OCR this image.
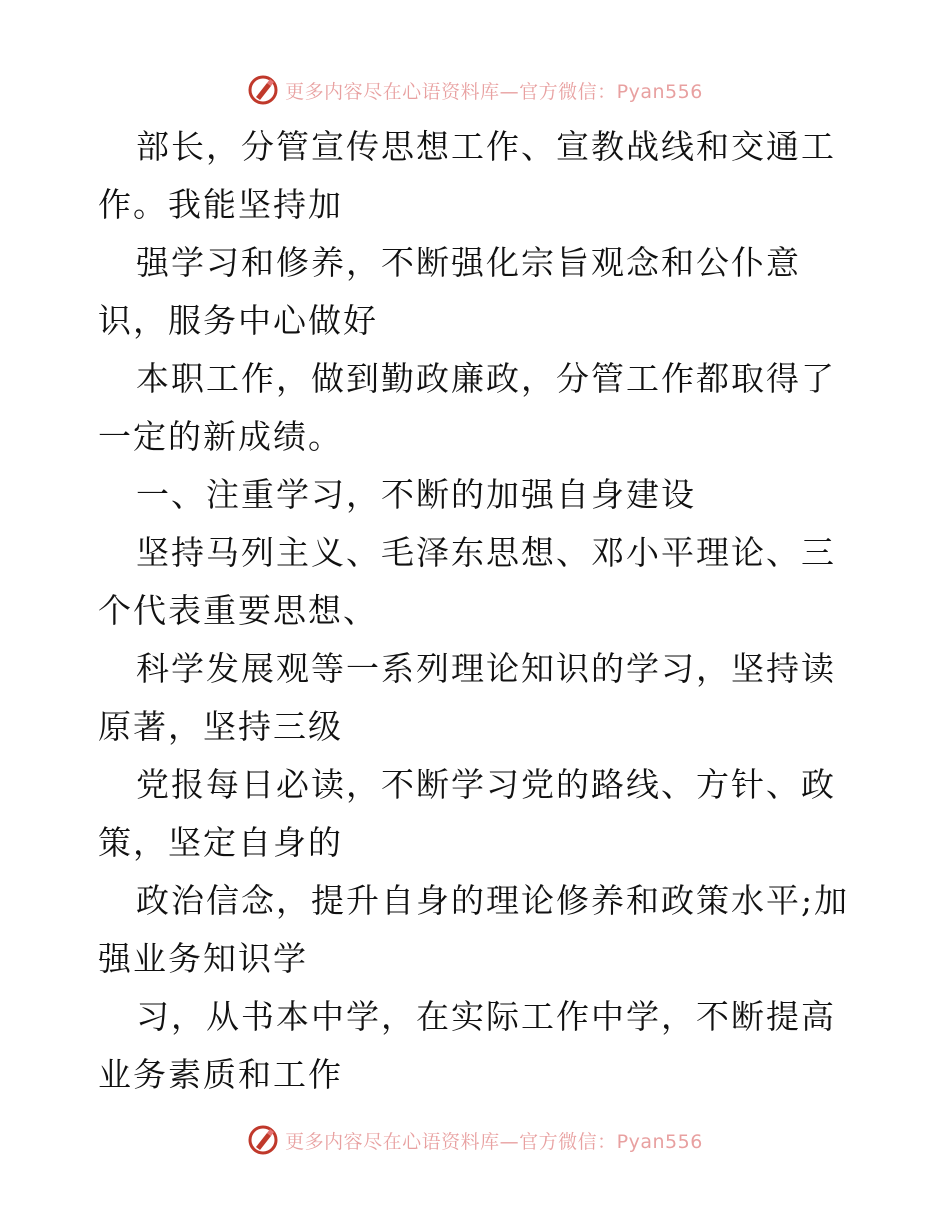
更多内容尽在心语资料库—官方微信：Pyan556

部长，分管宣传思想工作、宣教战线和交通工作。我能坚持加

强学习和修养，不断强化宗旨观念和公仆意识，服务中心做好

本职工作，做到勤政廉政，分管工作都取得了一定的新成绩。

一、注重学习，不断的加强自身建设

坚持马列主义、毛泽东思想、邓小平理论、三个代表重要思想、

科学发展观等一系列理论知识的学习，坚持读原著，坚持三级

党报每日必读，不断学习党的路线、方针、政策，坚定自身的

政治信念，提升自身的理论修养和政策水平;加强业务知识学

习，从书本中学，在实际工作中学，不断提高业务素质和工作

更多内容尽在心语资料库—官方微信：Pyan556
